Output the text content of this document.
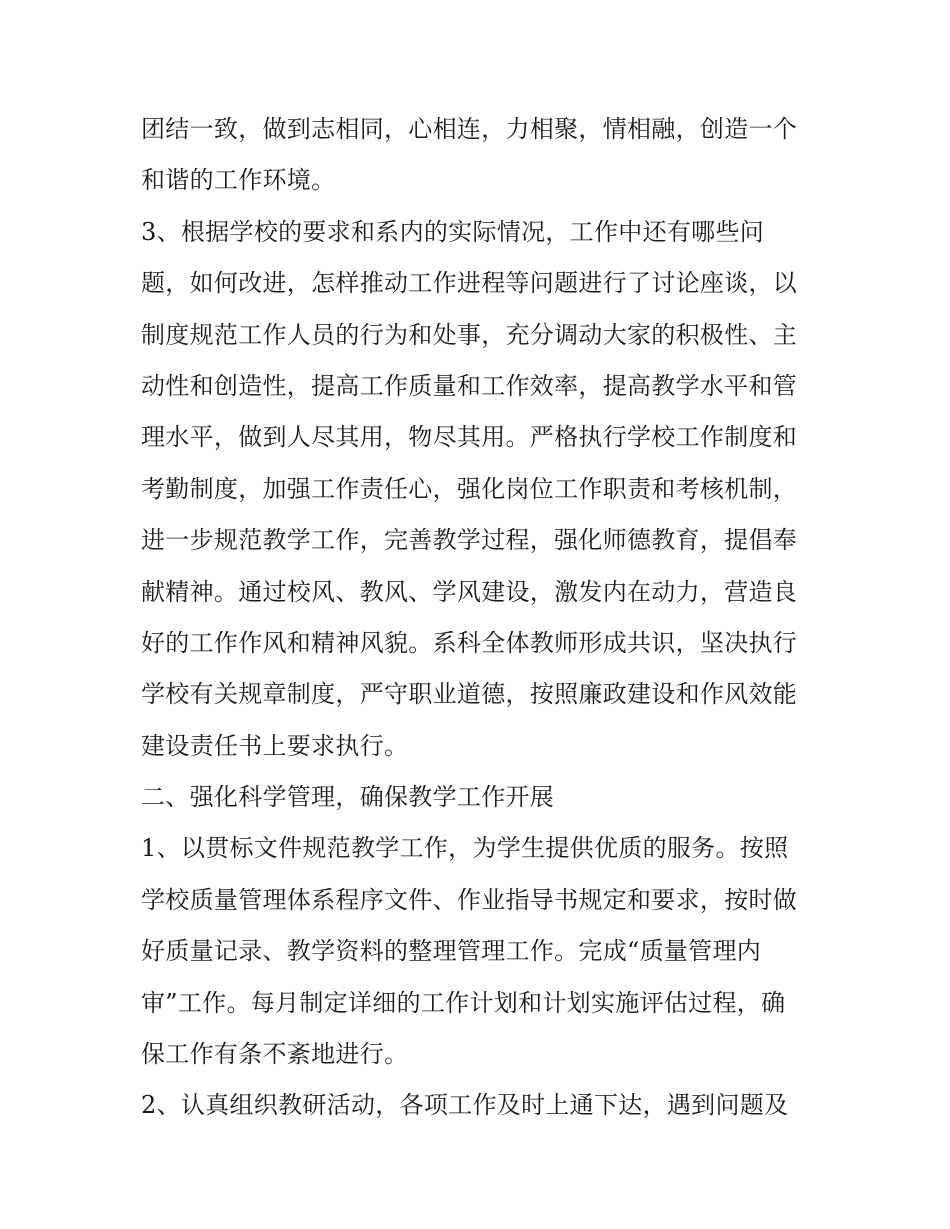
团结一致，做到志相同，心相连，力相聚，情相融，创造一个
和谐的工作环境。
3、根据学校的要求和系内的实际情况，工作中还有哪些问
题，如何改进，怎样推动工作进程等问题进行了讨论座谈，以
制度规范工作人员的行为和处事，充分调动大家的积极性、主
动性和创造性，提高工作质量和工作效率，提高教学水平和管
理水平，做到人尽其用，物尽其用。严格执行学校工作制度和
考勤制度，加强工作责任心，强化岗位工作职责和考核机制，
进一步规范教学工作，完善教学过程，强化师德教育，提倡奉
献精神。通过校风、教风、学风建设，激发内在动力，营造良
好的工作作风和精神风貌。系科全体教师形成共识，坚决执行
学校有关规章制度，严守职业道德，按照廉政建设和作风效能
建设责任书上要求执行。
二、强化科学管理，确保教学工作开展
1、以贯标文件规范教学工作，为学生提供优质的服务。按照
学校质量管理体系程序文件、作业指导书规定和要求，按时做
好质量记录、教学资料的整理管理工作。完成“质量管理内
审”工作。每月制定详细的工作计划和计划实施评估过程，确
保工作有条不紊地进行。
2、认真组织教研活动，各项工作及时上通下达，遇到问题及
